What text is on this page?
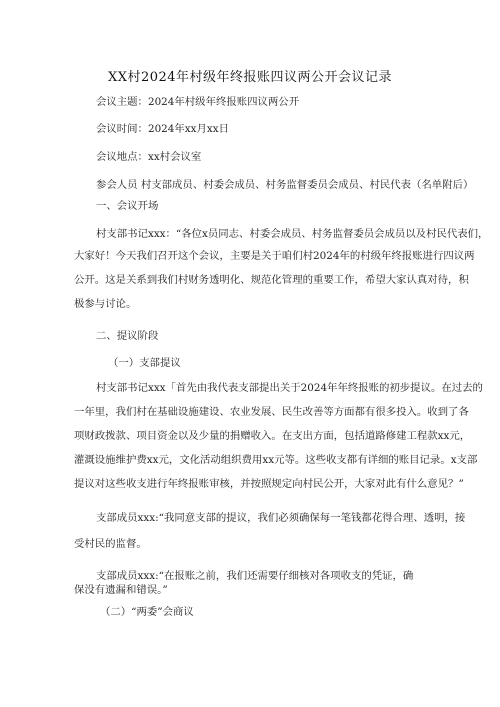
XX村2024年村级年终报账四议两公开会议记录
会议主题：2024年村级年终报账四议两公开
会议时间：2024年xx月xx日
会议地点：xx村会议室
参会人员 村支部成员、村委会成员、村务监督委员会成员、村民代表（名单附后）
一、会议开场
村支部书记xxx：“各位x员同志、村委会成员、村务监督委员会成员以及村民代表们，
大家好！今天我们召开这个会议，主要是关于咱们村2024年的村级年终报账进行四议两
公开。这是关系到我们村财务透明化、规范化管理的重要工作，希望大家认真对待，积
极参与讨论。
二、提议阶段
（一）支部提议
村支部书记xxx「首先由我代表支部提出关于2024年年终报账的初步提议。在过去的
一年里，我们村在基础设施建设、农业发展、民生改善等方面都有很多投入。收到了各
项财政拨款、项目资金以及少量的捐赠收入。在支出方面，包括道路修建工程款xx元，
灌溉设施维护费xx元，文化活动组织费用xx元等。这些收支都有详细的账目记录。x支部
提议对这些收支进行年终报账审核，并按照规定向村民公开，大家对此有什么意见？”
支部成员xxx:“我同意支部的提议，我们必须确保每一笔钱都花得合理、透明，接
受村民的监督。
支部成员xxx:“在报账之前，我们还需要仔细核对各项收支的凭证，确
保没有遗漏和错误。”
（二）“两委”会商议
